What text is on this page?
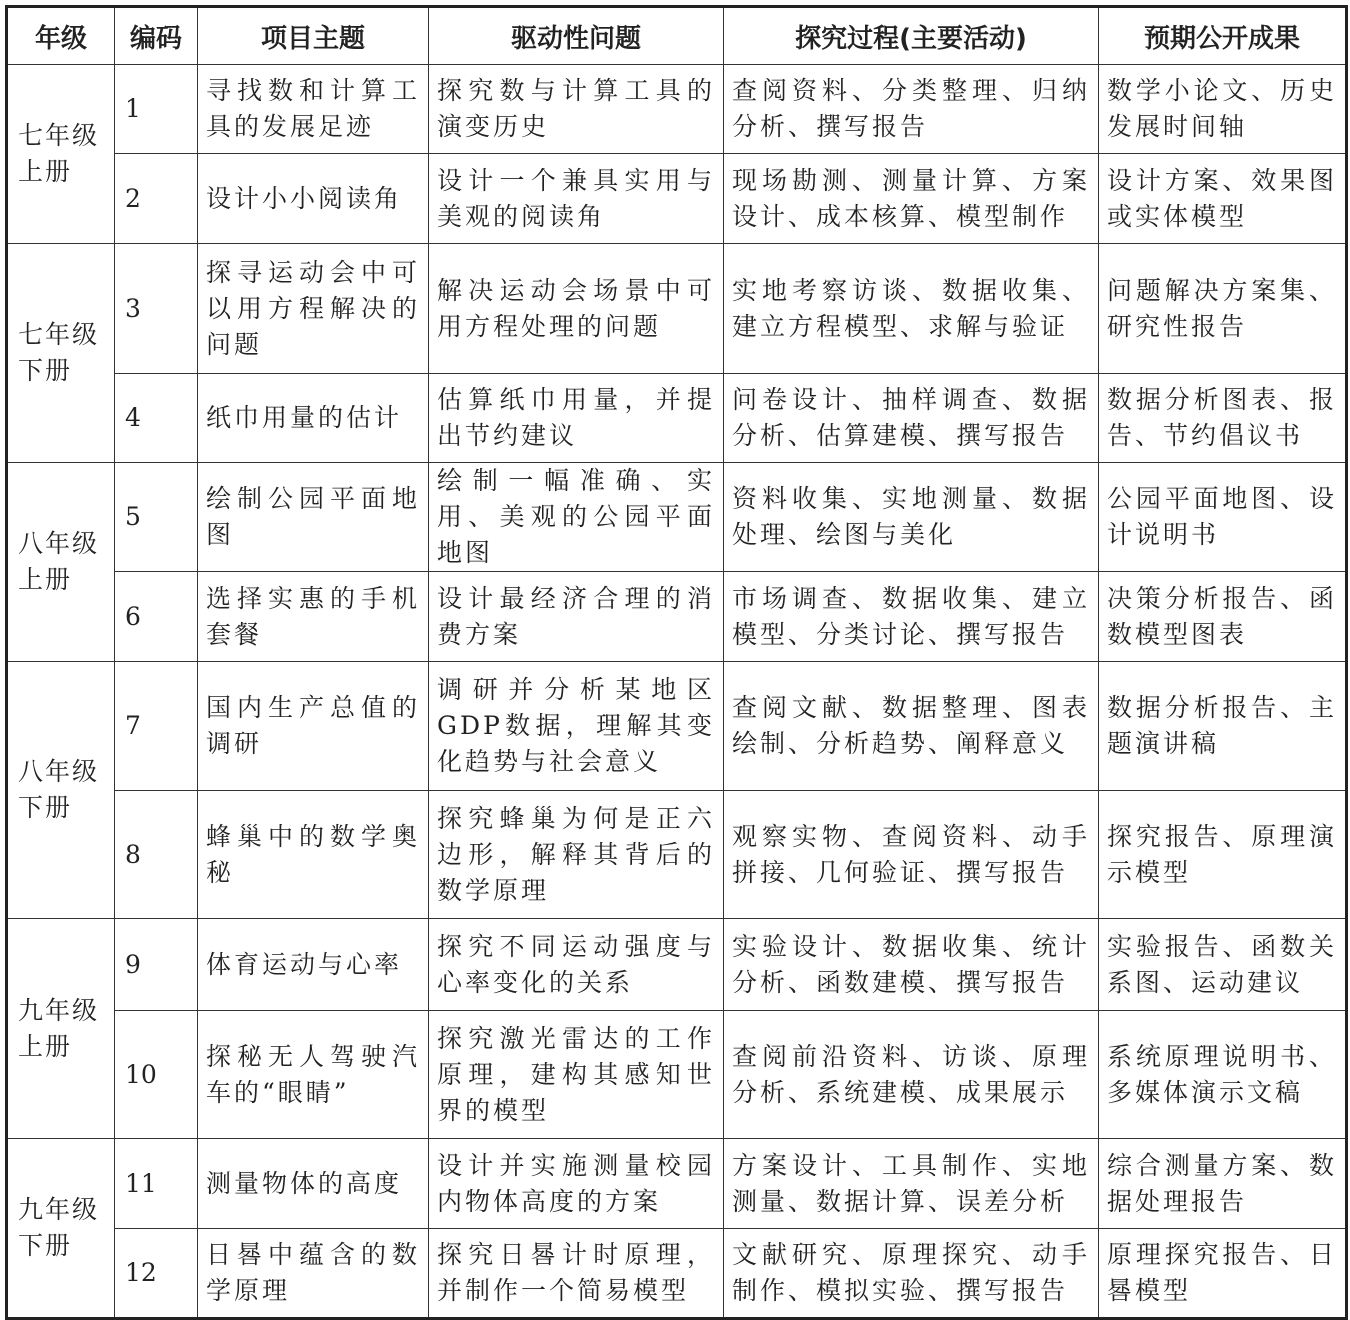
年级	编码	项目主题	驱动性问题	探究过程(主要活动)	预期公开成果
七年级
上册	1	寻找数和计算工具的发展足迹	探究数与计算工具的演变历史	查阅资料、分类整理、归纳分析、撰写报告	数学小论文、历史发展时间轴
	2	设计小小阅读角	设计一个兼具实用与美观的阅读角	现场勘测、测量计算、方案设计、成本核算、模型制作	设计方案、效果图或实体模型
七年级
下册	3	探寻运动会中可以用方程解决的问题	解决运动会场景中可用方程处理的问题	实地考察访谈、数据收集、建立方程模型、求解与验证	问题解决方案集、研究性报告
	4	纸巾用量的估计	估算纸巾用量，并提出节约建议	问卷设计、抽样调查、数据分析、估算建模、撰写报告	数据分析图表、报告、节约倡议书
八年级
上册	5	绘制公园平面地图	绘制一幅准确、实用、美观的公园平面地图	资料收集、实地测量、数据处理、绘图与美化	公园平面地图、设计说明书
	6	选择实惠的手机套餐	设计最经济合理的消费方案	市场调查、数据收集、建立模型、分类讨论、撰写报告	决策分析报告、函数模型图表
八年级
下册	7	国内生产总值的调研	调研并分析某地区GDP数据，理解其变化趋势与社会意义	查阅文献、数据整理、图表绘制、分析趋势、阐释意义	数据分析报告、主题演讲稿
	8	蜂巢中的数学奥秘	探究蜂巢为何是正六边形，解释其背后的数学原理	观察实物、查阅资料、动手拼接、几何验证、撰写报告	探究报告、原理演示模型
九年级
上册	9	体育运动与心率	探究不同运动强度与心率变化的关系	实验设计、数据收集、统计分析、函数建模、撰写报告	实验报告、函数关系图、运动建议
	10	探秘无人驾驶汽车的“眼睛”	探究激光雷达的工作原理，建构其感知世界的模型	查阅前沿资料、访谈、原理分析、系统建模、成果展示	系统原理说明书、多媒体演示文稿
九年级
下册	11	测量物体的高度	设计并实施测量校园内物体高度的方案	方案设计、工具制作、实地测量、数据计算、误差分析	综合测量方案、数据处理报告
	12	日晷中蕴含的数学原理	探究日晷计时原理，并制作一个简易模型	文献研究、原理探究、动手制作、模拟实验、撰写报告	原理探究报告、日晷模型
